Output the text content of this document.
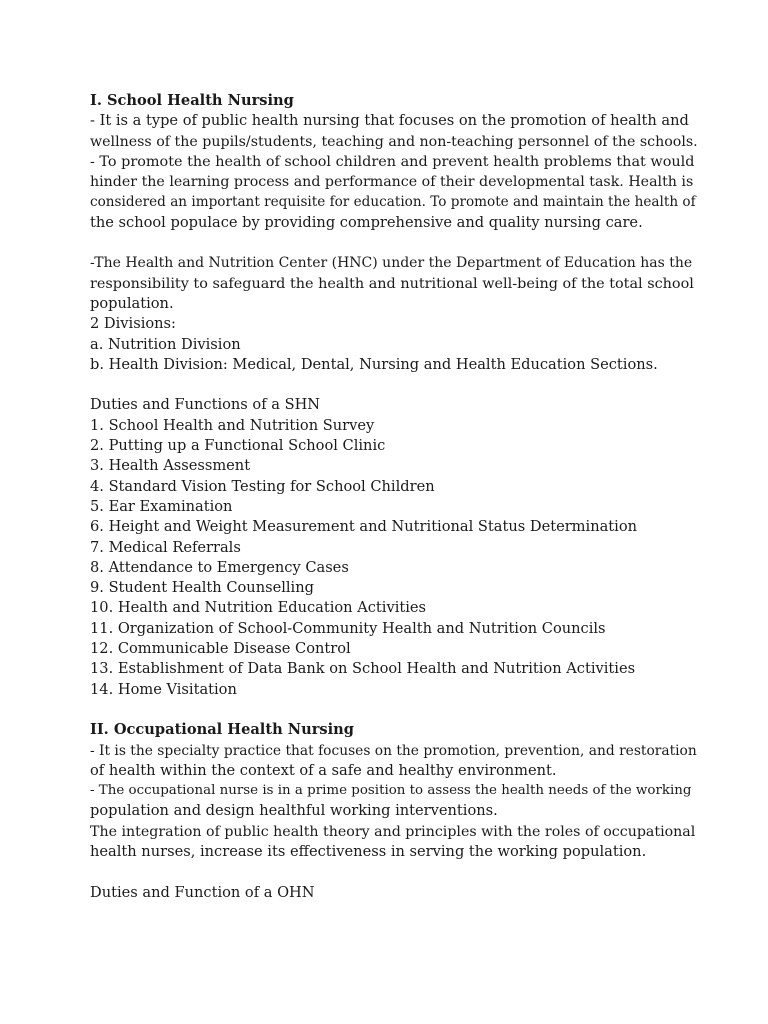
I. School Health Nursing

- It is a type of public health nursing that focuses on the promotion of health and

wellness of the pupils/students, teaching and non-teaching personnel of the schools.

- To promote the health of school children and prevent health problems that would

hinder the learning process and performance of their developmental task. Health is

considered an important requisite for education. To promote and maintain the health of

the school populace by providing comprehensive and quality nursing care.

-The Health and Nutrition Center (HNC) under the Department of Education has the

responsibility to safeguard the health and nutritional well-being of the total school

population.

2 Divisions:

a. Nutrition Division

b. Health Division: Medical, Dental, Nursing and Health Education Sections.

Duties and Functions of a SHN

1. School Health and Nutrition Survey

2. Putting up a Functional School Clinic

3. Health Assessment

4. Standard Vision Testing for School Children

5. Ear Examination

6. Height and Weight Measurement and Nutritional Status Determination

7. Medical Referrals

8. Attendance to Emergency Cases

9. Student Health Counselling

10. Health and Nutrition Education Activities

11. Organization of School-Community Health and Nutrition Councils

12. Communicable Disease Control

13. Establishment of Data Bank on School Health and Nutrition Activities

14. Home Visitation

II. Occupational Health Nursing

- It is the specialty practice that focuses on the promotion, prevention, and restoration

of health within the context of a safe and healthy environment.

- The occupational nurse is in a prime position to assess the health needs of the working

population and design healthful working interventions.

The integration of public health theory and principles with the roles of occupational

health nurses, increase its effectiveness in serving the working population.

Duties and Function of a OHN
